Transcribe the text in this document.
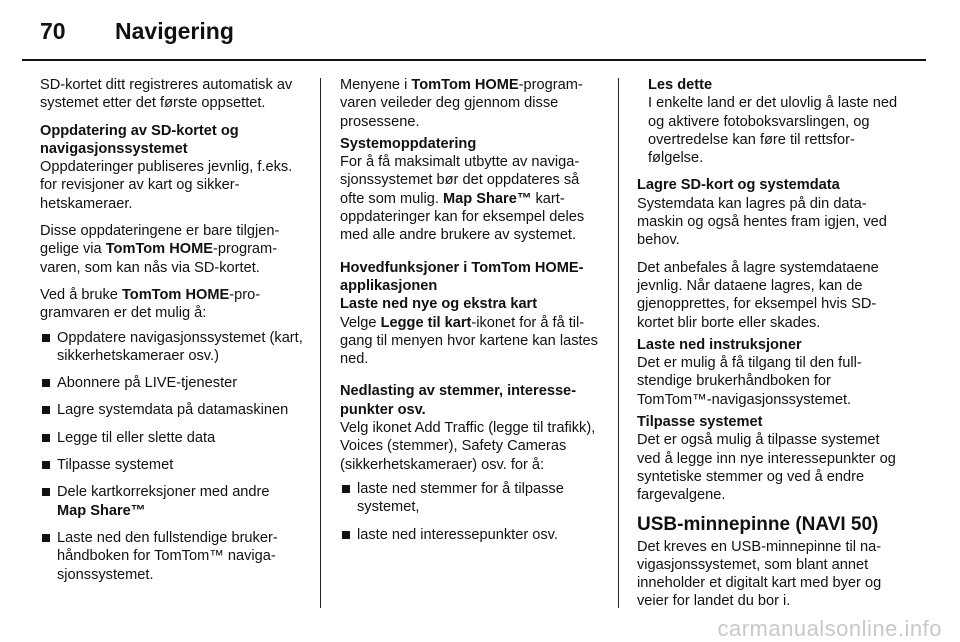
70 Navigering

SD-kortet ditt registreres automatisk av systemet etter det første oppsettet.

Oppdatering av SD-kortet og navigasjonssystemet

Oppdateringer publiseres jevnlig, f.eks. for revisjoner av kart og sikkerhetskameraer.

Disse oppdateringene er bare tilgjengelige via TomTom HOME-programvaren, som kan nås via SD-kortet.

Ved å bruke TomTom HOME-programvaren er det mulig å:

Oppdatere navigasjonssystemet (kart, sikkerhetskameraer osv.)
Abonnere på LIVE-tjenester
Lagre systemdata på datamaskinen
Legge til eller slette data
Tilpasse systemet
Dele kartkorreksjoner med andre
Map Share™
Laste ned den fullstendige brukerhåndboken for TomTom™ navigasjonssystemet.

Menyene i TomTom HOME-programvaren veileder deg gjennom disse prosessene.

Systemoppdatering

For å få maksimalt utbytte av navigasjonssystemet bør det oppdateres så ofte som mulig. Map Share™ kartoppdateringer kan for eksempel deles med alle andre brukere av systemet.

Hovedfunksjoner i TomTom HOME-applikasjonen
Laste ned nye og ekstra kart

Velge Legge til kart-ikonet for å få tilgang til menyen hvor kartene kan lastes ned.

Nedlasting av stemmer, interessepunkter osv.

Velg ikonet Add Traffic (legge til trafikk), Voices (stemmer), Safety Cameras (sikkerhetskameraer) osv. for å:

laste ned stemmer for å tilpasse systemet,
laste ned interessepunkter osv.
Les dette
I enkelte land er det ulovlig å laste ned og aktivere fotoboksvarslingen, og overtredelse kan føre til rettsforfølgelse.
Lagre SD-kort og systemdata

Systemdata kan lagres på din datamaskin og også hentes fram igjen, ved behov.

Det anbefales å lagre systemdataene jevnlig. Når dataene lagres, kan de gjenopprettes, for eksempel hvis SD-kortet blir borte eller skades.

Laste ned instruksjoner

Det er mulig å få tilgang til den fullstendige brukerhåndboken for TomTom™-navigasjonssystemet.

Tilpasse systemet

Det er også mulig å tilpasse systemet ved å legge inn nye interessepunkter og syntetiske stemmer og ved å endre fargevalgene.

USB-minnepinne (NAVI 50)

Det kreves en USB-minnepinne til navigasjonssystemet, som blant annet inneholder et digitalt kart med byer og veier for landet du bor i.

carmanualsonline.info
